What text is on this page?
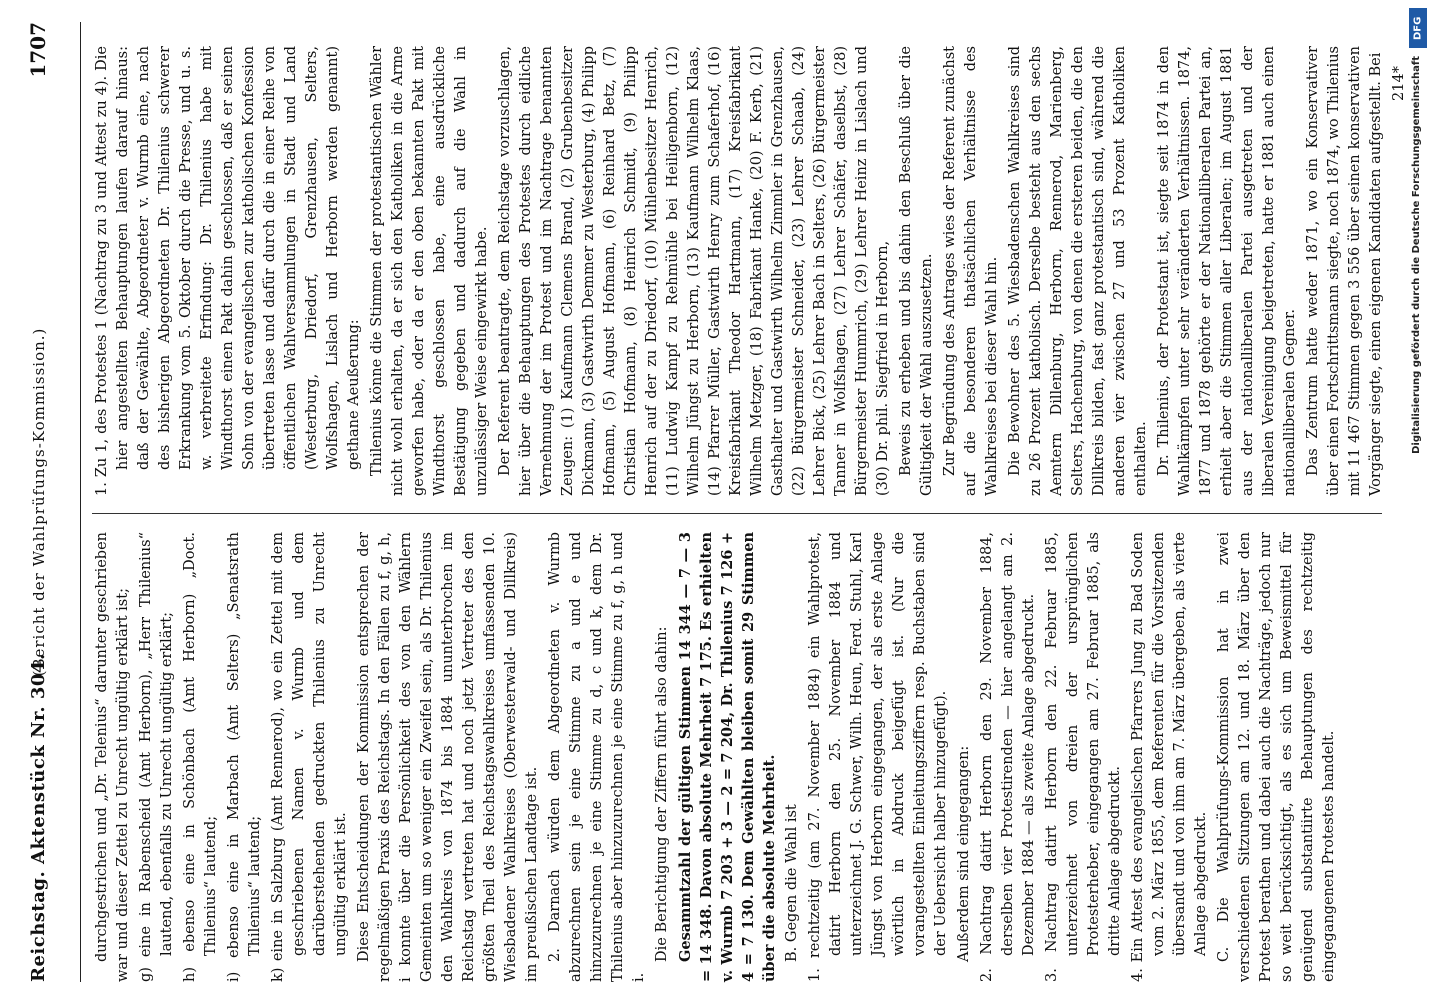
Reichstag. Aktenstück Nr. 304.
(Bericht der Wahlprüfungs-Kommission.)
1707

durchgestrichen und „Dr. Telenius“ darunter geschrieben war und dieser Zettel zu Unrecht ungültig erklärt ist; g) eine in Rabenscheid (Amt Herborn), „Herr Thilenius“ lautend, ebenfalls zu Unrecht ungültig erklärt; h) ebenso eine in Schönbach (Amt Herborn) „Doct. Thilenius“ lautend; i) ebenso eine in Marbach (Amt Selters) „Senatsrath Thilenius“ lautend; k) eine in Salzburg (Amt Rennerod), wo ein Zettel mit dem geschriebenen Namen v. Wurmb und dem darüberstehenden gedruckten Thilenius zu Unrecht ungültig erklärt ist. Diese Entscheidungen der Kommission entsprechen der regelmäßigen Praxis des Reichstags. In den Fällen zu f, g, h, i konnte über die Persönlichkeit des von den Wählern Gemeinten um so weniger ein Zweifel sein, als Dr. Thilenius den Wahlkreis von 1874 bis 1884 ununterbrochen im Reichstag vertreten hat und noch jetzt Vertreter des den größten Theil des Reichstagswahlkreises umfassenden 10. Wiesbadener Wahlkreises (Oberwesterwald- und Dillkreis) im preußischen Landtage ist. 2. Darnach würden dem Abgeordneten v. Wurmb abzurechnen sein je eine Stimme zu a und e und hinzuzurechnen je eine Stimme zu d, c und k, dem Dr. Thilenius aber hinzuzurechnen je eine Stimme zu f, g, h und i.

Die Berichtigung der Ziffern führt also dahin: Gesammtzahl der gültigen Stimmen 14 344 — 7 — 3 = 14 348. Davon absolute Mehrheit 7 175. Es erhielten v. Wurmb 7 203 + 3 — 2 = 7 204, Dr. Thilenius 7 126 + 4 = 7 130. Dem Gewählten bleiben somit 29 Stimmen über die absolute Mehrheit. B. Gegen die Wahl ist 1. rechtzeitig (am 27. November 1884) ein Wahlprotest, datirt Herborn den 25. November 1884 und unterzeichnet J. G. Schwer, Wilh. Heun, Ferd. Stuhl, Karl Jüngst von Herborn eingegangen, der als erste Anlage wörtlich in Abdruck beigefügt ist. (Nur die vorangestellten Einleitungsziffern resp. Buchstaben sind der Uebersicht halber hinzugefügt). Außerdem sind eingegangen: 2. Nachtrag datirt Herborn den 29. November 1884, derselben vier Protestirenden — hier angelangt am 2. Dezember 1884 — als zweite Anlage abgedruckt. 3. Nachtrag datirt Herborn den 22. Februar 1885, unterzeichnet von dreien der ursprünglichen Protesterheber, eingegangen am 27. Februar 1885, als dritte Anlage abgedruckt. 4. Ein Attest des evangelischen Pfarrers Jung zu Bad Soden vom 2. März 1855, dem Referenten für die Vorsitzenden übersandt und von ihm am 7. März übergeben, als vierte Anlage abgedruckt. C. Die Wahlprüfungs-Kommission hat in zwei verschiedenen Sitzungen am 12. und 18. März über den Protest berathen und dabei auch die Nachträge, jedoch nur so weit berücksichtigt, als es sich um Beweismittel für genügend substantiirte Behauptungen des rechtzeitig eingegangenen Protestes handelt.

1. Zu 1, des Protestes 1 (Nachtrag zu 3 und Attest zu 4). Die hier angestellten Behauptungen laufen darauf hinaus: daß der Gewählte, Abgeordneter v. Wurmb eine, nach des bisherigen Abgeordneten Dr. Thilenius schwerer Erkrankung vom 5. Oktober durch die Presse, und u. s. w. verbreitete Erfindung: Dr. Thilenius habe mit Windthorst einen Pakt dahin geschlossen, daß er seinen Sohn von der evangelischen zur katholischen Konfession übertreten lasse und dafür durch die in einer Reihe von öffentlichen Wahlversammlungen in Stadt und Land (Westerburg, Driedorf, Grenzhausen, Selters, Wolfshagen, Lislach und Herborn werden genannt) gethane Aeußerung: Thilenius könne die Stimmen der protestantischen Wähler nicht wohl erhalten, da er sich den Katholiken in die Arme geworfen habe, oder da er den oben bekannten Pakt mit Windthorst geschlossen habe, eine ausdrückliche Bestätigung gegeben und dadurch auf die Wahl in unzulässiger Weise eingewirkt habe. Der Referent beantragte, dem Reichstage vorzuschlagen, hier über die Behauptungen des Protestes durch eidliche Vernehmung der im Protest und im Nachtrage benannten Zeugen: (1) Kaufmann Clemens Brand, (2) Grubenbesitzer Dickmann, (3) Gastwirth Demmer zu Westerburg, (4) Philipp Hofmann, (5) August Hofmann, (6) Reinhard Betz, (7) Christian Hofmann, (8) Heinrich Schmidt, (9) Philipp Henrich auf der zu Driedorf, (10) Mühlenbesitzer Henrich, (11) Ludwig Kampf zu Rehmühle bei Heiligenborn, (12) Wilhelm Jüngst zu Herborn, (13) Kaufmann Wilhelm Klaas, (14) Pfarrer Müller, Gastwirth Henry zum Schaferhof, (16) Kreisfabrikant Theodor Hartmann, (17) Kreisfabrikant Wilhelm Metzger, (18) Fabrikant Hanke, (20) F. Kerb, (21) Gasthalter und Gastwirth Wilhelm Zimmler in Grenzhausen, (22) Bürgermeister Schneider, (23) Lehrer Schaab, (24) Lehrer Bick, (25) Lehrer Bach in Selters, (26) Bürgermeister Tanner in Wolfshagen, (27) Lehrer Schäfer, daselbst, (28) Bürgermeister Hummrich, (29) Lehrer Heinz in Lislach und (30) Dr. phil. Siegfried in Herborn, Beweis zu erheben und bis dahin den Beschluß über die Gültigkeit der Wahl auszusetzen. Zur Begründung des Antrages wies der Referent zunächst auf die besonderen thatsächlichen Verhältnisse des Wahlkreises bei dieser Wahl hin. Die Bewohner des 5. Wiesbadenschen Wahlkreises sind zu 26 Prozent katholisch. Derselbe besteht aus den sechs Aemtern Dillenburg, Herborn, Rennerod, Marienberg, Selters, Hachenburg, von denen die ersteren beiden, die den Dillkreis bilden, fast ganz protestantisch sind, während die anderen vier zwischen 27 und 53 Prozent Katholiken enthalten. Dr. Thilenius, der Protestant ist, siegte seit 1874 in den Wahlkämpfen unter sehr veränderten Verhältnissen. 1874, 1877 und 1878 gehörte er der Nationalliberalen Partei an, erhielt aber die Stimmen aller Liberalen; im August 1881 aus der nationalliberalen Partei ausgetreten und der liberalen Vereinigung beigetreten, hatte er 1881 auch einen nationalliberalen Gegner. Das Zentrum hatte weder 1871, wo ein Konservativer über einen Fortschrittsmann siegte, noch 1874, wo Thilenius mit 11 467 Stimmen gegen 3 556 über seinen konservativen Vorgänger siegte, einen eigenen Kandidaten aufgestellt. Bei 214*

DFG
Digitalisierung gefördert durch die Deutsche Forschungsgemeinschaft
